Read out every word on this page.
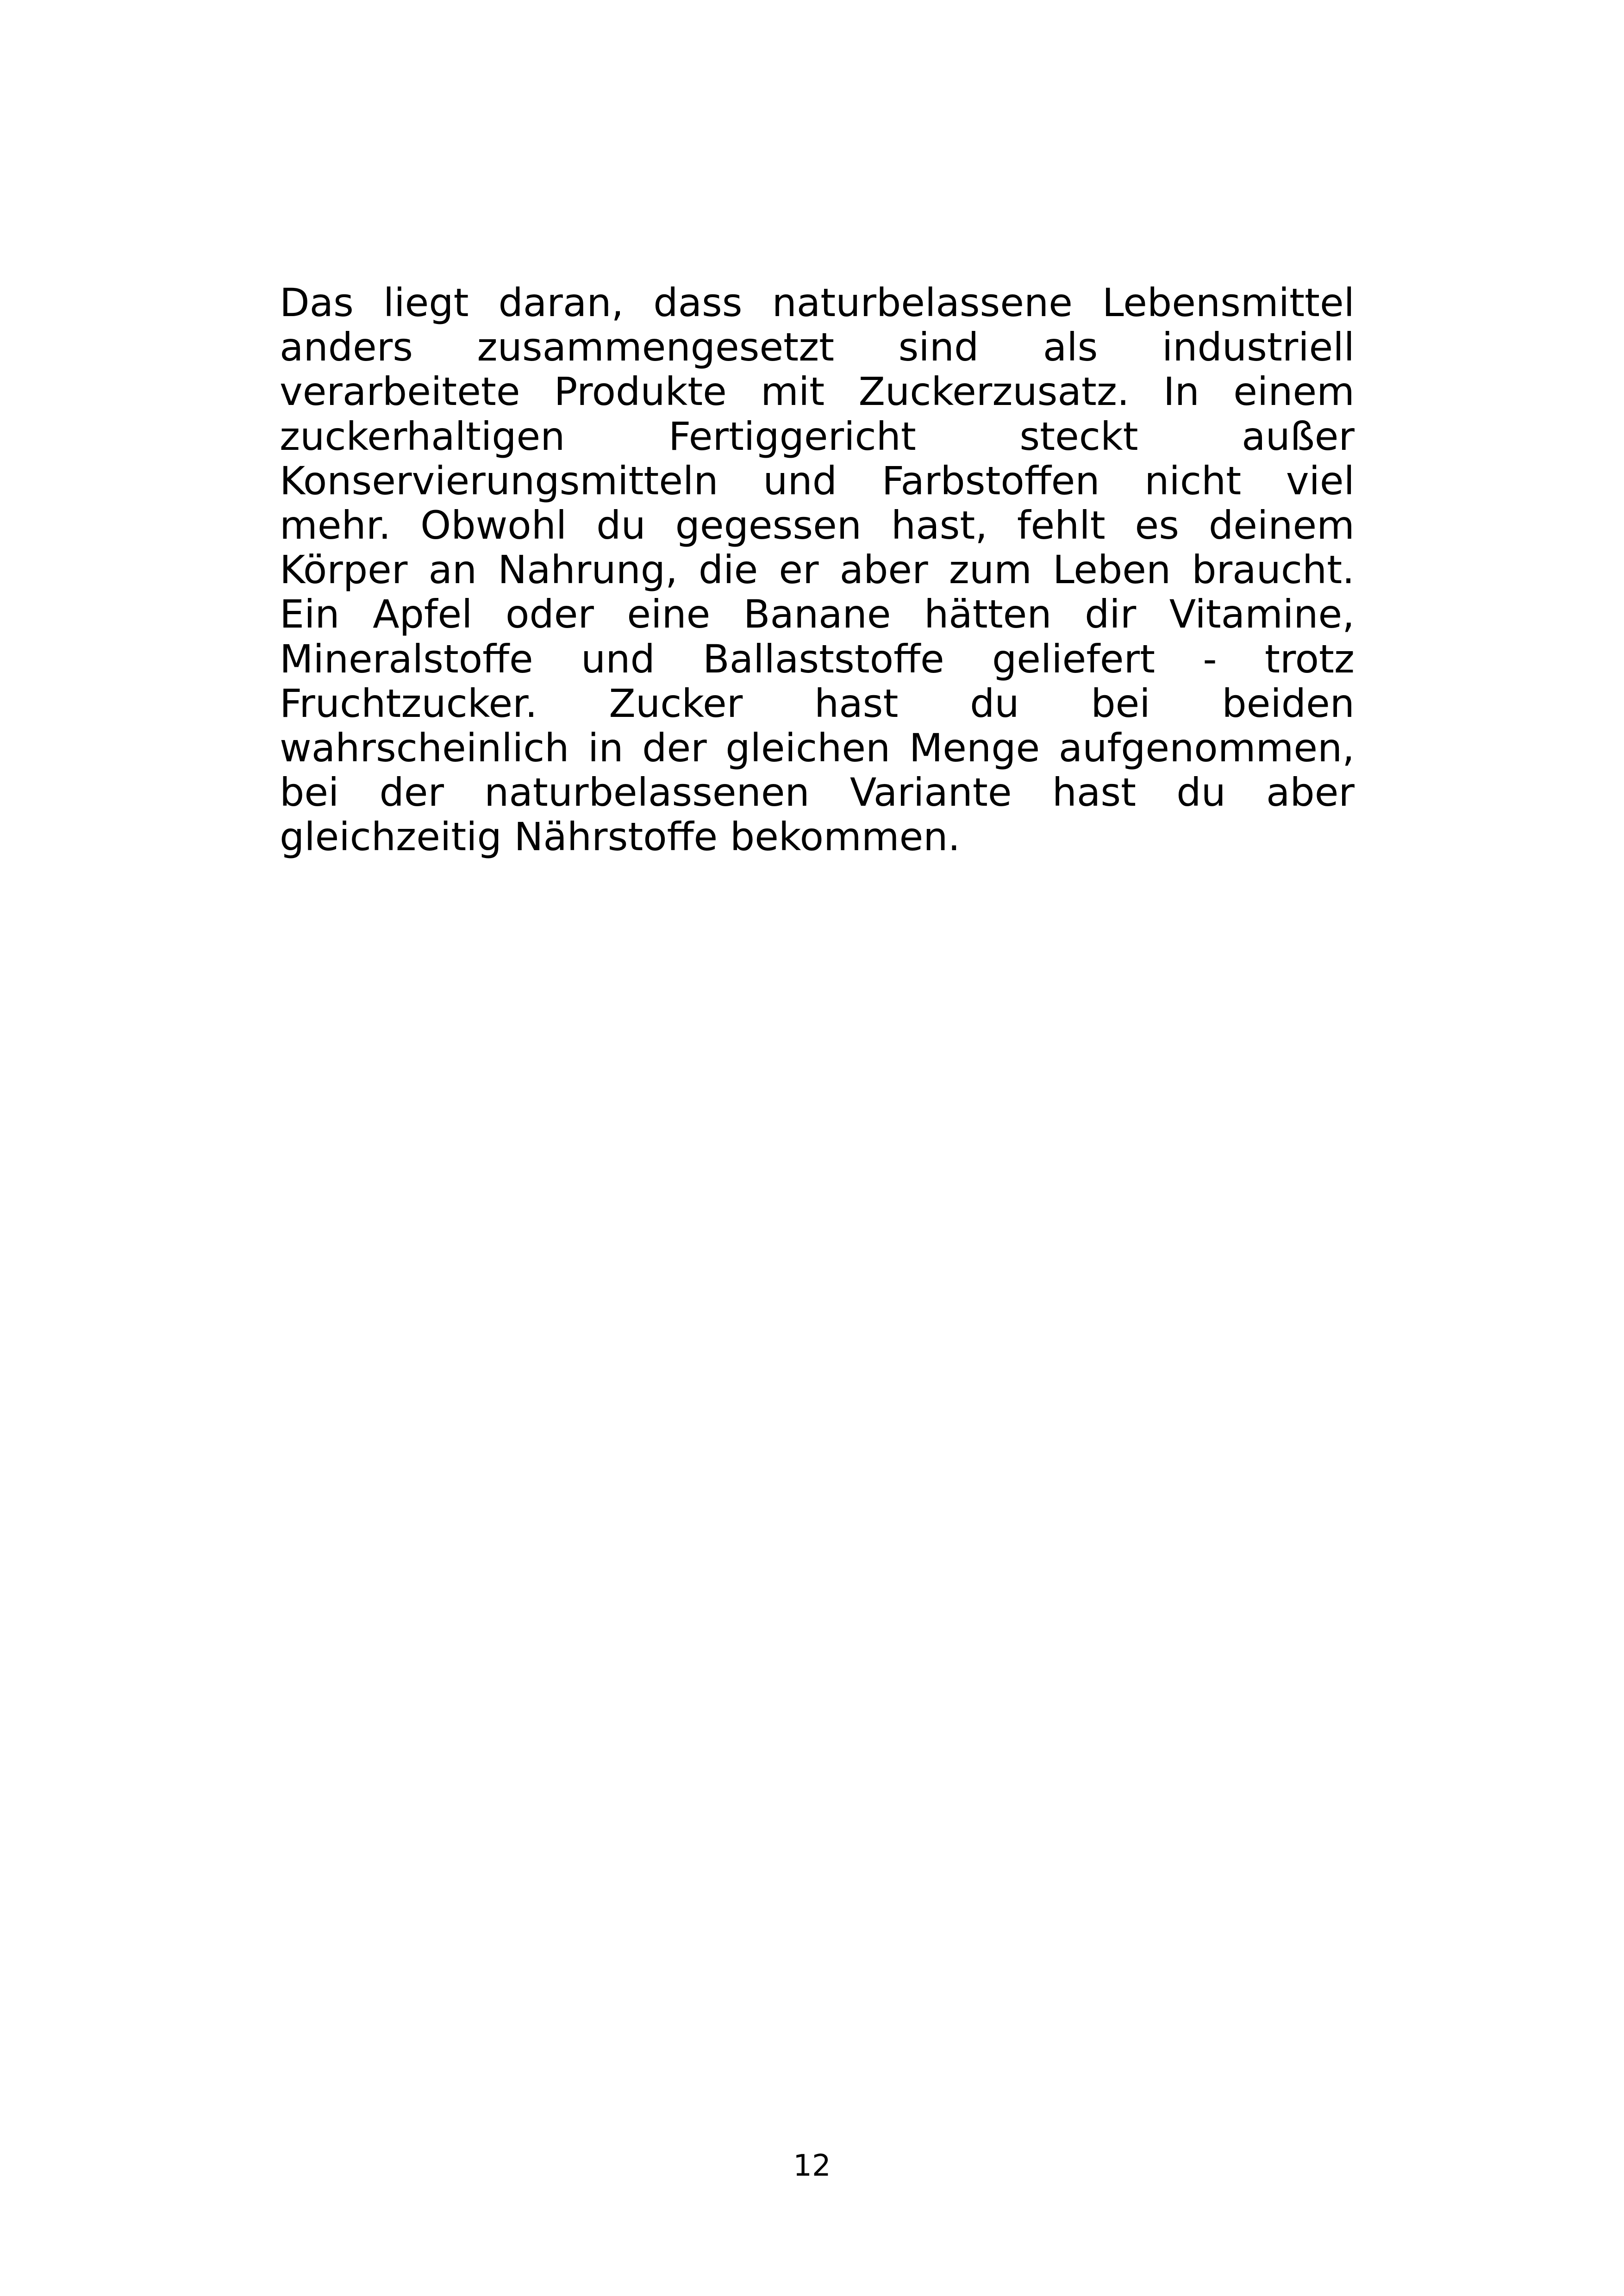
Das liegt daran, dass naturbelassene Lebensmittel
anders zusammengesetzt sind als industriell
verarbeitete Produkte mit Zuckerzusatz. In einem
zuckerhaltigen	Fertiggericht	steckt	außer
Konservierungsmitteln und Farbstoffen nicht viel
mehr. Obwohl du gegessen hast, fehlt es deinem
Körper an Nahrung, die er aber zum Leben braucht.
Ein Apfel oder eine Banane hätten dir Vitamine,
Mineralstoffe und Ballaststoffe geliefert - trotz
Fruchtzucker. Zucker hast du bei beiden
wahrscheinlich in der gleichen Menge aufgenommen,
bei der naturbelassenen Variante hast du aber
gleichzeitig Nährstoffe bekommen.
12
